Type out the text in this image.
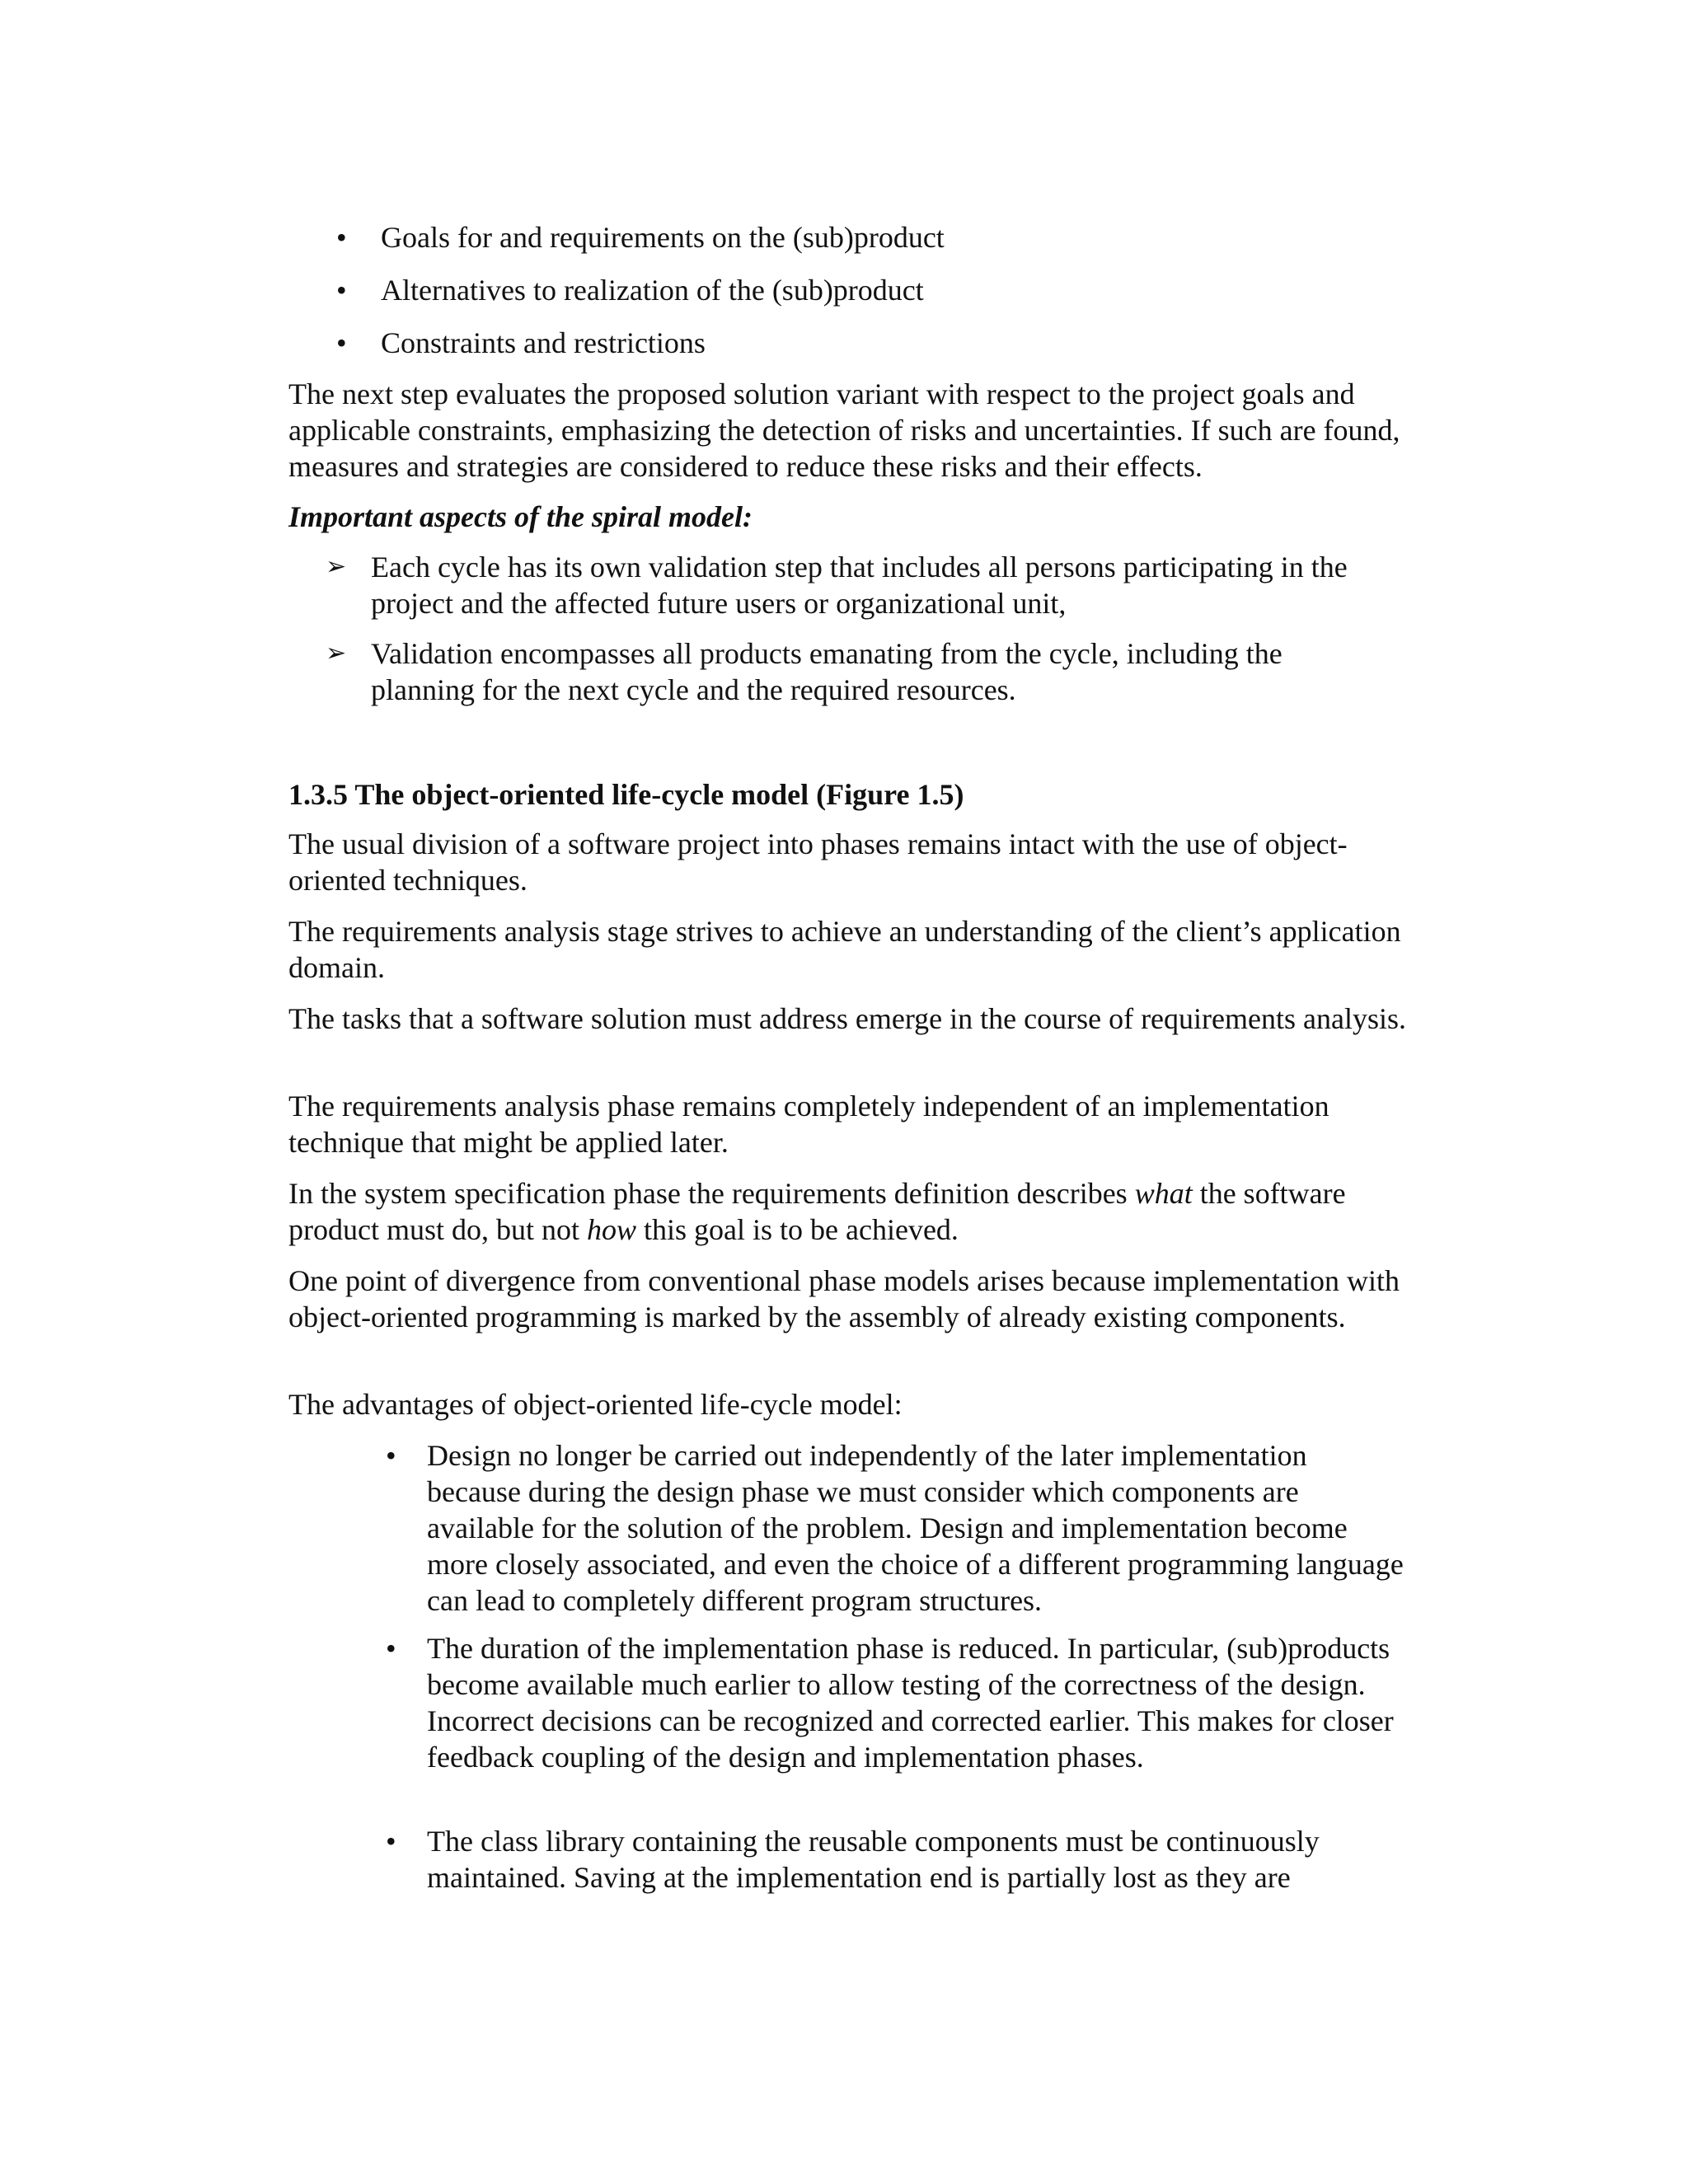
• Goals for and requirements on the (sub)product
• Alternatives to realization of the (sub)product
• Constraints and restrictions

The next step evaluates the proposed solution variant with respect to the project goals and applicable constraints, emphasizing the detection of risks and uncertainties. If such are found, measures and strategies are considered to reduce these risks and their effects.

Important aspects of the spiral model:

➢ Each cycle has its own validation step that includes all persons participating in the project and the affected future users or organizational unit,
➢ Validation encompasses all products emanating from the cycle, including the planning for the next cycle and the required resources.

1.3.5 The object-oriented life-cycle model (Figure 1.5)

The usual division of a software project into phases remains intact with the use of object-oriented techniques.

The requirements analysis stage strives to achieve an understanding of the client’s application domain.

The tasks that a software solution must address emerge in the course of requirements analysis.

The requirements analysis phase remains completely independent of an implementation technique that might be applied later.

In the system specification phase the requirements definition describes what the software product must do, but not how this goal is to be achieved.

One point of divergence from conventional phase models arises because implementation with object-oriented programming is marked by the assembly of already existing components.

The advantages of object-oriented life-cycle model:

• Design no longer be carried out independently of the later implementation because during the design phase we must consider which components are available for the solution of the problem. Design and implementation become more closely associated, and even the choice of a different programming language can lead to completely different program structures.
• The duration of the implementation phase is reduced. In particular, (sub)products become available much earlier to allow testing of the correctness of the design. Incorrect decisions can be recognized and corrected earlier. This makes for closer feedback coupling of the design and implementation phases.
• The class library containing the reusable components must be continuously maintained. Saving at the implementation end is partially lost as they are
